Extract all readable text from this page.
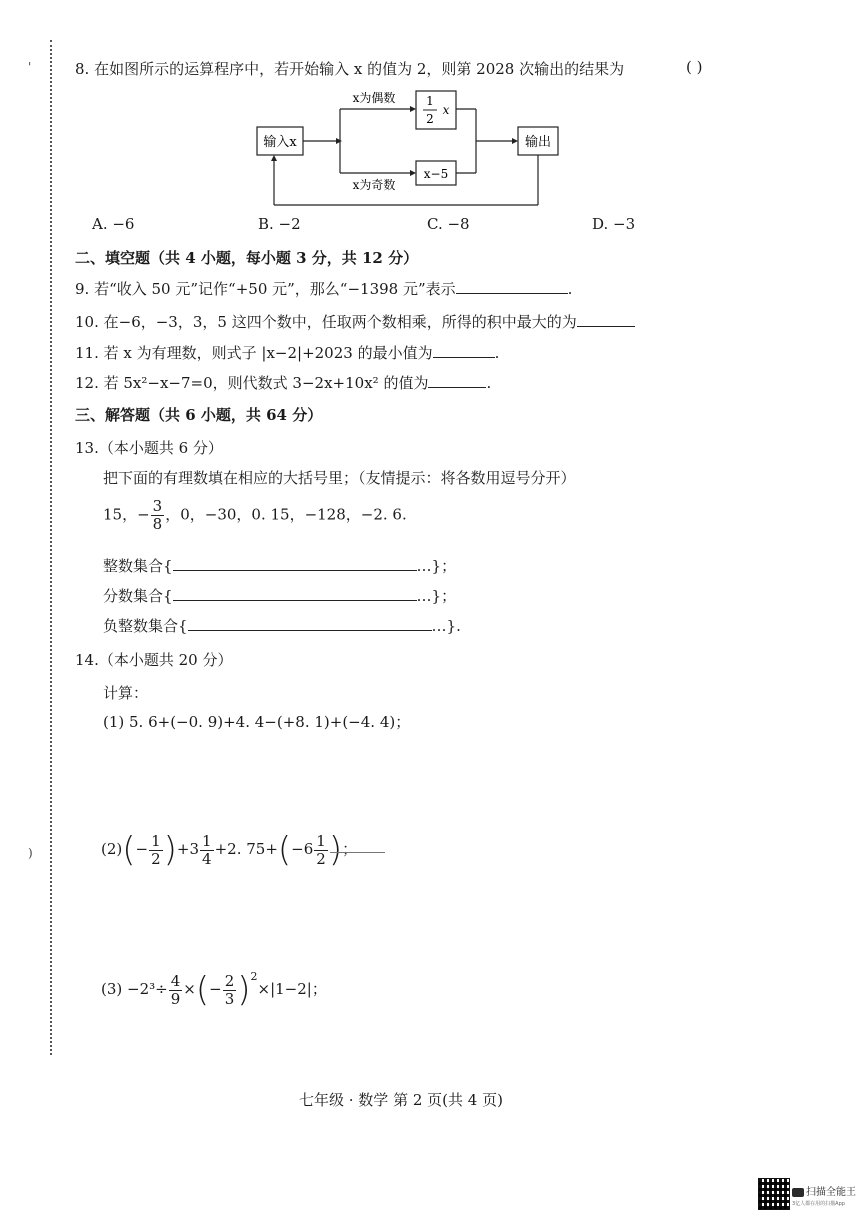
'
)
8. 在如图所示的运算程序中，若开始输入 x 的值为 2，则第 2028 次输出的结果为	( )
输入x
x为偶数	1
2
x
x为奇数
x−5
输出
A. −6	B. −2	C. −8	D. −3
二、填空题（共 4 小题，每小题 3 分，共 12 分）
9. 若“收入 50 元”记作“+50 元”，那么“−1398 元”表示	.
10. 在−6，−3，3，5 这四个数中，任取两个数相乘，所得的积中最大的为
11. 若 x 为有理数，则式子 |x−2|+2023 的最小值为	.
12. 若 5x²−x−7=0，则代数式 3−2x+10x² 的值为	.
三、解答题（共 6 小题，共 64 分）
13.（本小题共 6 分）
把下面的有理数填在相应的大括号里；（友情提示：将各数用逗号分开）
15，− $\frac{3}{8}$ ，0，−30，0. 15，−128，−2. 6.
整数集合{	…}；
分数集合{	…}；
负整数集合{	…}.
14.（本小题共 20 分）
计算：
(1) 5. 6+(−0. 9)+4. 4−(+8. 1)+(−4. 4)；
$(2)(- \frac{1}{2} )+3 \frac{1}{4} +2$. $75+(-6 \frac{1}{2}$ )；
$(3) -2^3\div \frac{4}{9}$ ×(− $\frac{2}{3} )^2\times|1-2|$；
七年级 · 数学 第 2 页(共 4 页)
扫描全能王
3亿人都在用的扫描App
